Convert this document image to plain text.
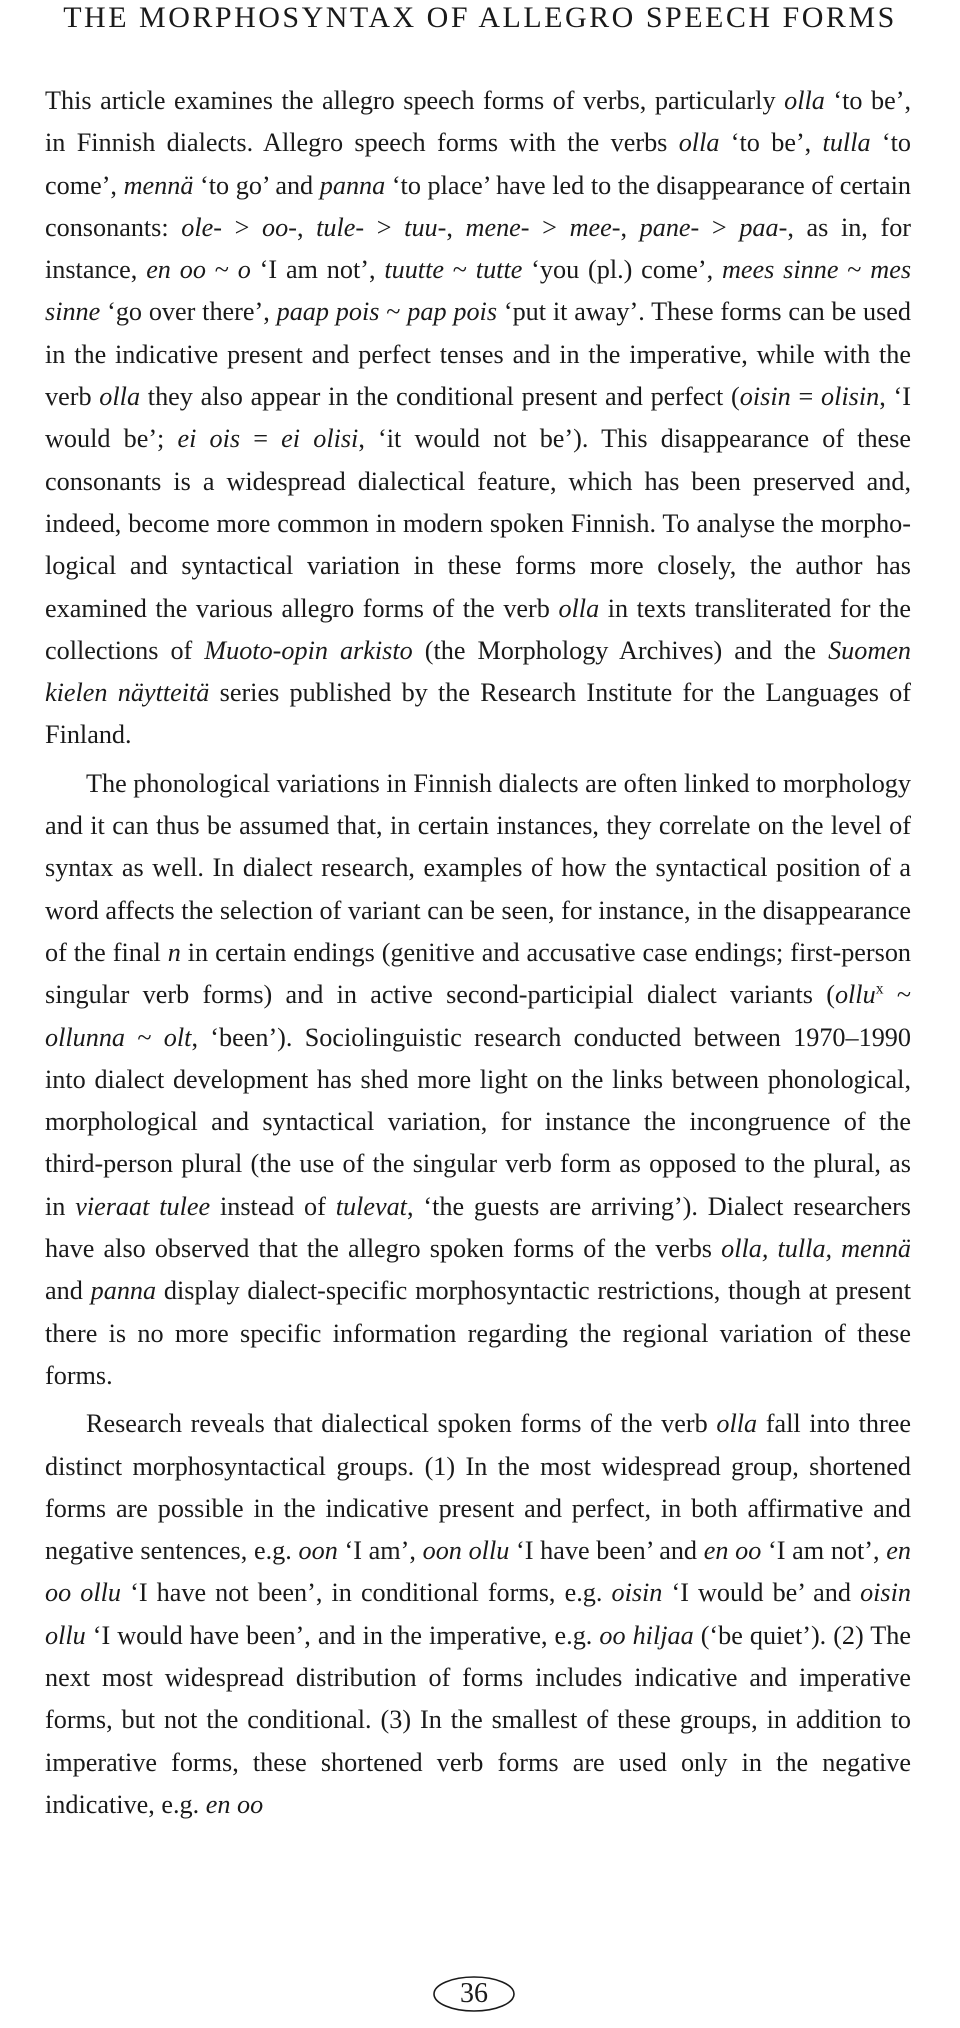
THE MORPHOSYNTAX OF ALLEGRO SPEECH FORMS

This article examines the allegro speech forms of verbs, particularly olla ‘to be’, in Finnish dialects. Allegro speech forms with the verbs olla ‘to be’, tulla ‘to come’, mennä ‘to go’ and panna ‘to place’ have led to the disappearance of certain consonants: ole- > oo-, tule- > tuu-, mene- > mee-, pane- > paa-, as in, for instance, en oo ~ o ‘I am not’, tuutte ~ tutte ‘you (pl.) come’, mees sinne ~ mes sinne ‘go over there’, paap pois ~ pap pois ‘put it away’. These forms can be used in the indicative present and perfect tenses and in the imperative, while with the verb olla they also appear in the conditional present and perfect (oisin = olisin, ‘I would be’; ei ois = ei olisi, ‘it would not be’). This disappearance of these consonants is a widespread dialectical feature, which has been preserved and, indeed, become more common in modern spoken Finnish. To analyse the morphological and syntactical variation in these forms more closely, the author has examined the various allegro forms of the verb olla in texts transliterated for the collections of Muoto-opin arkisto (the Morphology Archives) and the Suomen kielen näytteitä series published by the Research Institute for the Languages of Finland.

The phonological variations in Finnish dialects are often linked to morphology and it can thus be assumed that, in certain instances, they correlate on the level of syntax as well. In dialect research, examples of how the syntactical position of a word affects the selection of variant can be seen, for instance, in the disappearance of the final n in certain endings (genitive and accusative case endings; first-person singular verb forms) and in active second-participial dialect variants (ollu$^x$ ~ ollunna ~ olt, ‘been’). Sociolinguistic research conducted between 1970–1990 into dialect development has shed more light on the links between phonological, morphological and syntactical variation, for instance the incongruence of the third-person plural (the use of the singular verb form as opposed to the plural, as in vieraat tulee instead of tulevat, ‘the guests are arriving’). Dialect researchers have also observed that the allegro spoken forms of the verbs olla, tulla, mennä and panna display dialect-specific morphosyntactic restrictions, though at present there is no more specific information regarding the regional variation of these forms.

Research reveals that dialectical spoken forms of the verb olla fall into three distinct morphosyntactical groups. (1) In the most widespread group, shortened forms are possible in the indicative present and perfect, in both affirmative and negative sentences, e.g. oon ‘I am’, oon ollu ‘I have been’ and en oo ‘I am not’, en oo ollu ‘I have not been’, in conditional forms, e.g. oisin ‘I would be’ and oisin ollu ‘I would have been’, and in the imperative, e.g. oo hiljaa (‘be quiet’). (2) The next most widespread distribution of forms includes indicative and imperative forms, but not the conditional. (3) In the smallest of these groups, in addition to imperative forms, these shortened verb forms are used only in the negative indicative, e.g. en oo

36
